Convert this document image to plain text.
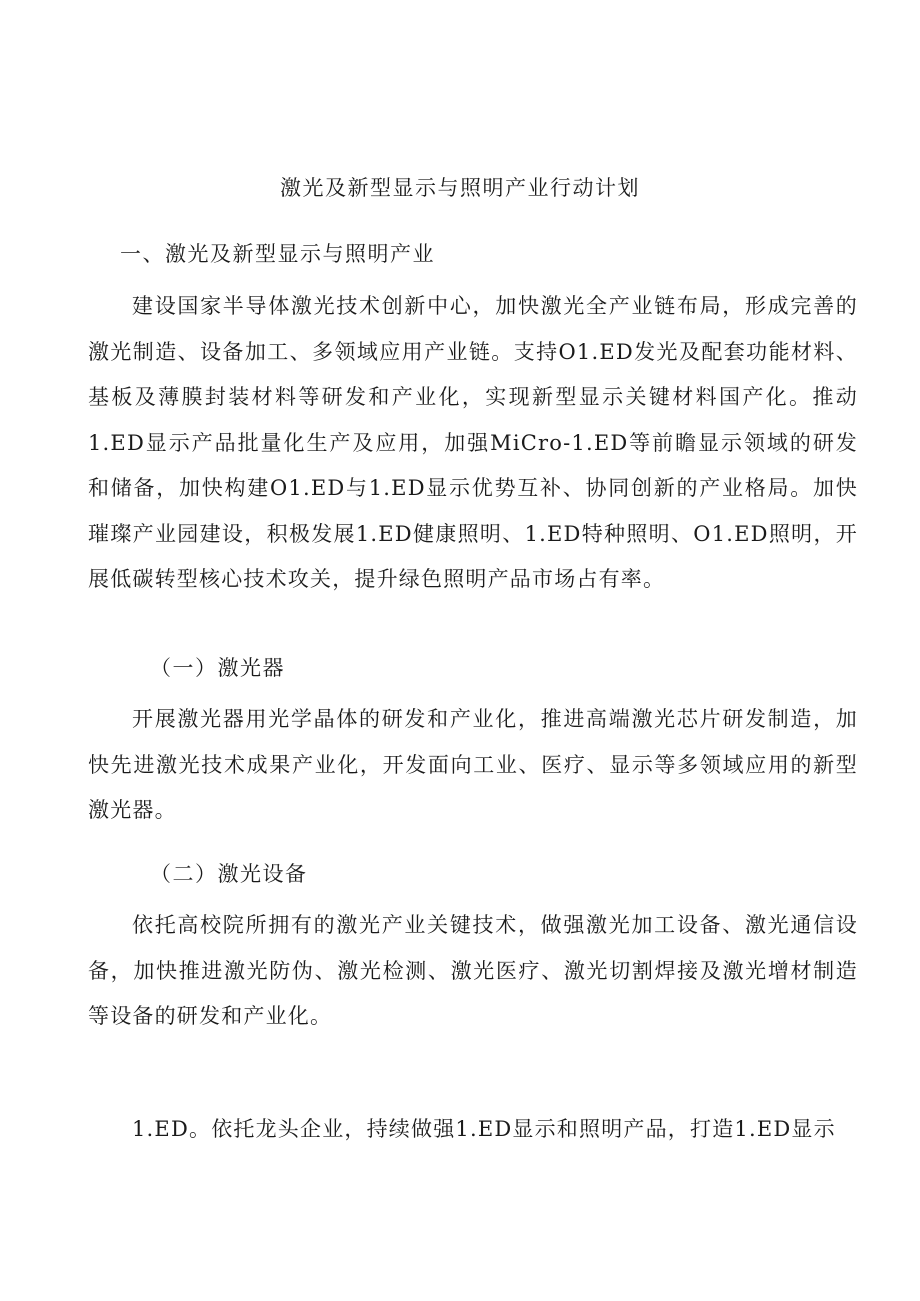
激光及新型显示与照明产业行动计划
一、激光及新型显示与照明产业

建设国家半导体激光技术创新中心，加快激光全产业链布局，形成完善的激光制造、设备加工、多领域应用产业链。支持O1.ED发光及配套功能材料、基板及薄膜封装材料等研发和产业化，实现新型显示关键材料国产化。推动1.ED显示产品批量化生产及应用，加强MiCro-1.ED等前瞻显示领域的研发和储备，加快构建O1.ED与1.ED显示优势互补、协同创新的产业格局。加快璀璨产业园建设，积极发展1.ED健康照明、1.ED特种照明、O1.ED照明，开展低碳转型核心技术攻关，提升绿色照明产品市场占有率。

（一）激光器

开展激光器用光学晶体的研发和产业化，推进高端激光芯片研发制造，加快先进激光技术成果产业化，开发面向工业、医疗、显示等多领域应用的新型激光器。

（二）激光设备

依托高校院所拥有的激光产业关键技术，做强激光加工设备、激光通信设备，加快推进激光防伪、激光检测、激光医疗、激光切割焊接及激光增材制造等设备的研发和产业化。

1.ED。依托龙头企业，持续做强1.ED显示和照明产品，打造1.ED显示
